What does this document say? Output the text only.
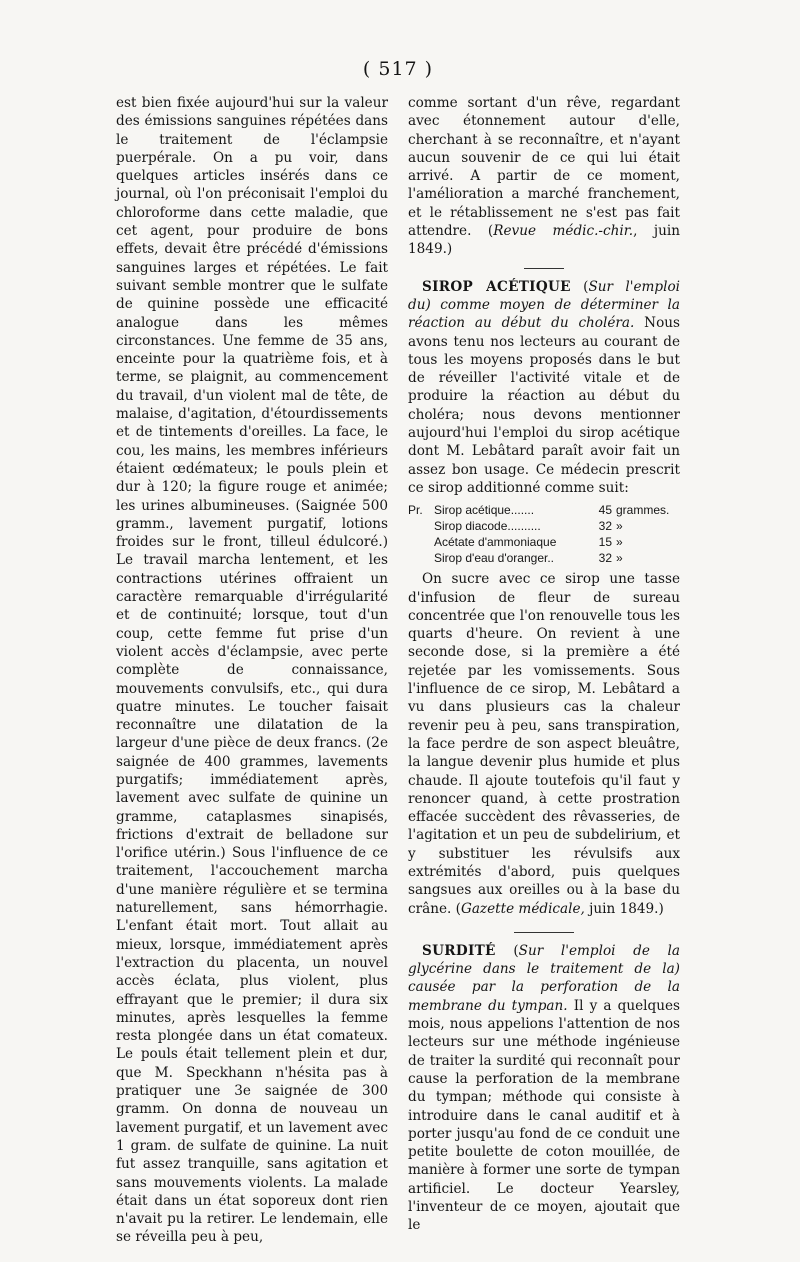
( 517 )

est bien fixée aujourd'hui sur la valeur des émissions sanguines répétées dans le traitement de l'éclampsie puerpérale. On a pu voir, dans quelques articles insérés dans ce journal, où l'on préconisait l'emploi du chloroforme dans cette maladie, que cet agent, pour produire de bons effets, devait être précédé d'émissions sanguines larges et répétées. Le fait suivant semble montrer que le sulfate de quinine possède une efficacité analogue dans les mêmes circonstances. Une femme de 35 ans, enceinte pour la quatrième fois, et à terme, se plaignit, au commencement du travail, d'un violent mal de tête, de malaise, d'agitation, d'étourdissements et de tintements d'oreilles. La face, le cou, les mains, les membres inférieurs étaient œdémateux; le pouls plein et dur à 120; la figure rouge et animée; les urines albumineuses. (Saignée 500 gramm., lavement purgatif, lotions froides sur le front, tilleul édulcoré.) Le travail marcha lentement, et les contractions utérines offraient un caractère remarquable d'irrégularité et de continuité; lorsque, tout d'un coup, cette femme fut prise d'un violent accès d'éclampsie, avec perte complète de connaissance, mouvements convulsifs, etc., qui dura quatre minutes. Le toucher faisait reconnaître une dilatation de la largeur d'une pièce de deux francs. (2e saignée de 400 grammes, lavements purgatifs; immédiatement après, lavement avec sulfate de quinine un gramme, cataplasmes sinapisés, frictions d'extrait de belladone sur l'orifice utérin.) Sous l'influence de ce traitement, l'accouchement marcha d'une manière régulière et se termina naturellement, sans hémorrhagie. L'enfant était mort. Tout allait au mieux, lorsque, immédiatement après l'extraction du placenta, un nouvel accès éclata, plus violent, plus effrayant que le premier; il dura six minutes, après lesquelles la femme resta plongée dans un état comateux. Le pouls était tellement plein et dur, que M. Speckhann n'hésita pas à pratiquer une 3e saignée de 300 gramm. On donna de nouveau un lavement purgatif, et un lavement avec 1 gram. de sulfate de quinine. La nuit fut assez tranquille, sans agitation et sans mouvements violents. La malade était dans un état soporeux dont rien n'avait pu la retirer. Le lendemain, elle se réveilla peu à peu,

comme sortant d'un rêve, regardant avec étonnement autour d'elle, cherchant à se reconnaître, et n'ayant aucun souvenir de ce qui lui était arrivé. A partir de ce moment, l'amélioration a marché franchement, et le rétablissement ne s'est pas fait attendre. (Revue médic.-chir., juin 1849.)

SIROP ACÉTIQUE (Sur l'emploi du) comme moyen de déterminer la réaction au début du choléra. Nous avons tenu nos lecteurs au courant de tous les moyens proposés dans le but de réveiller l'activité vitale et de produire la réaction au début du choléra; nous devons mentionner aujourd'hui l'emploi du sirop acétique dont M. Lebâtard paraît avoir fait un assez bon usage. Ce médecin prescrit ce sirop additionné comme suit:

Pr. Sirop acétique.......	45 grammes.
Sirop diacode..........	32 »
Acétate d'ammoniaque	15 »
Sirop d'eau d'oranger..	32 »

On sucre avec ce sirop une tasse d'infusion de fleur de sureau concentrée que l'on renouvelle tous les quarts d'heure. On revient à une seconde dose, si la première a été rejetée par les vomissements. Sous l'influence de ce sirop, M. Lebâtard a vu dans plusieurs cas la chaleur revenir peu à peu, sans transpiration, la face perdre de son aspect bleuâtre, la langue devenir plus humide et plus chaude. Il ajoute toutefois qu'il faut y renoncer quand, à cette prostration effacée succèdent des rêvasseries, de l'agitation et un peu de subdelirium, et y substituer les révulsifs aux extrémités d'abord, puis quelques sangsues aux oreilles ou à la base du crâne. (Gazette médicale, juin 1849.)

SURDITÉ (Sur l'emploi de la glycérine dans le traitement de la) causée par la perforation de la membrane du tympan. Il y a quelques mois, nous appelions l'attention de nos lecteurs sur une méthode ingénieuse de traiter la surdité qui reconnaît pour cause la perforation de la membrane du tympan; méthode qui consiste à introduire dans le canal auditif et à porter jusqu'au fond de ce conduit une petite boulette de coton mouillée, de manière à former une sorte de tympan artificiel. Le docteur Yearsley, l'inventeur de ce moyen, ajoutait que le
